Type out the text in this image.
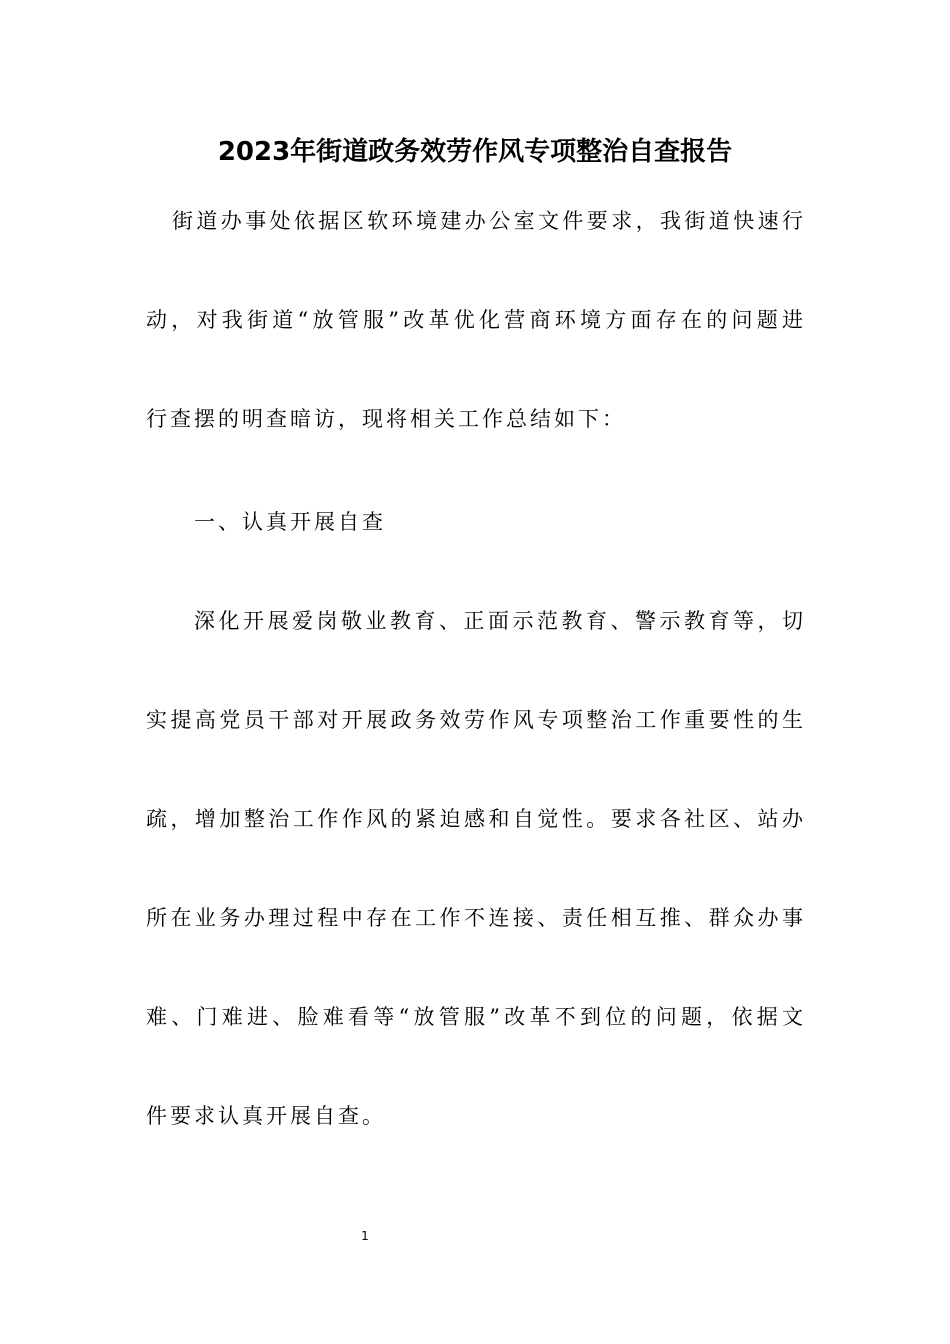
2023年街道政务效劳作风专项整治自查报告
街道办事处依据区软环境建办公室文件要求，我街道快速行
动，对我街道“放管服”改革优化营商环境方面存在的问题进
行查摆的明查暗访，现将相关工作总结如下：
一、认真开展自查
深化开展爱岗敬业教育、正面示范教育、警示教育等，切
实提高党员干部对开展政务效劳作风专项整治工作重要性的生
疏，增加整治工作作风的紧迫感和自觉性。要求各社区、站办
所在业务办理过程中存在工作不连接、责任相互推、群众办事
难、门难进、脸难看等“放管服”改革不到位的问题，依据文
件要求认真开展自查。
1
